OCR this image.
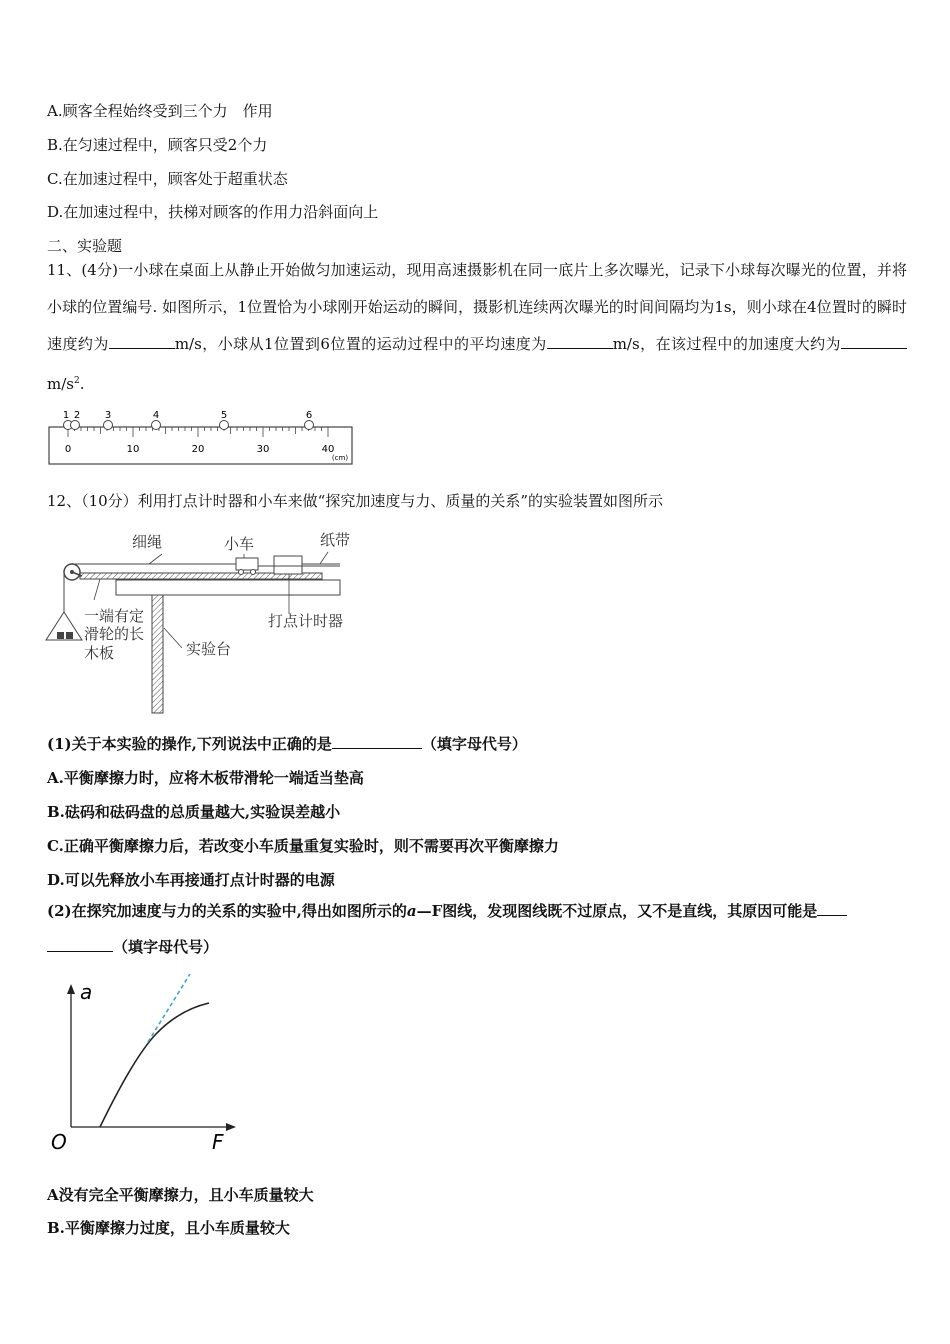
A.顾客全程始终受到三个力　作用
B.在匀速过程中，顾客只受2个力
C.在加速过程中，顾客处于超重状态
D.在加速过程中，扶梯对顾客的作用力沿斜面向上
二、实验题
11、(4分)一小球在桌面上从静止开始做匀加速运动，现用高速摄影机在同一底片上多次曝光，记录下小球每次曝光的位置，并将小球的位置编号. 如图所示，1位置恰为小球刚开始运动的瞬间，摄影机连续两次曝光的时间间隔均为1s，则小球在4位置时的瞬时速度约为	m/s，小球从1位置到6位置的运动过程中的平均速度为	m/s，在该过程中的加速度大约为$m/s^2$.
1 2 3	4	5	6
0	10	20	30	40
(cm)
12、（10分）利用打点计时器和小车来做“探究加速度与力、质量的关系”的实验装置如图所示
细绳	小车	纸带
一端有定
滑轮的长
木板
打点计时器
实验台
(1)关于本实验的操作,下列说法中正确的是	（填字母代号）
A.平衡摩擦力时，应将木板带滑轮一端适当垫高
B.砝码和砝码盘的总质量越大,实验误差越小
C.正确平衡摩擦力后，若改变小车质量重复实验时，则不需要再次平衡摩擦力
D.可以先释放小车再接通打点计时器的电源
(2)在探究加速度与力的关系的实验中,得出如图所示的a—F图线，发现图线既不过原点，又不是直线，其原因可能是
（填字母代号）
a
F
O
A没有完全平衡摩擦力，且小车质量较大
B.平衡摩擦力过度，且小车质量较大
